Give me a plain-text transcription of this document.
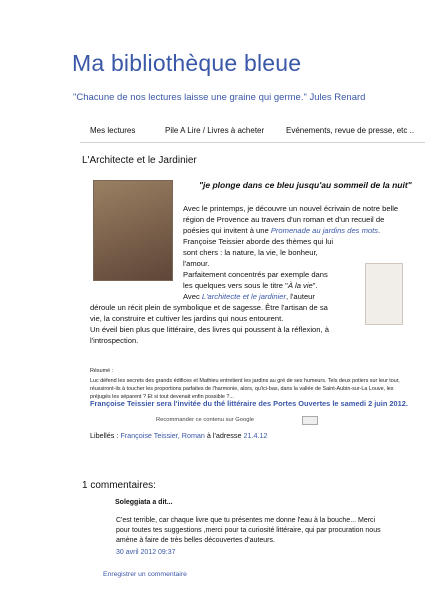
Ma bibliothèque bleue
"Chacune de nos lectures laisse une graine qui germe." Jules Renard
Mes lectures	Pile A Lire / Livres à acheter	Evénements, revue de presse, etc ..
L'Architecte et le Jardinier
"je plonge dans ce bleu jusqu'au sommeil de la nuit"
Avec le printemps, je découvre un nouvel écrivain de notre belle
région de Provence au travers d'un roman et d'un recueil de
poésies qui invitent à une Promenade au jardins des mots.
Françoise Teissier aborde des thèmes qui lui
sont chers : la nature, la vie, le bonheur,
l'amour.
Parfaitement concentrés par exemple dans
les quelques vers sous le titre "À la vie".
Avec L'architecte et le jardinier, l'auteur
déroule un récit plein de symbolique et de sagesse. Être l'artisan de sa
vie, la construire et cultiver les jardins qui nous entourent.
Un éveil bien plus que littéraire, des livres qui poussent à la réflexion, à
l'introspection.
Résumé :
Luc défend les secrets des grands édifices et Mathieu entretient les jardins au gré de ses humeurs. Tels deux potiers sur leur tour,
réussiront-ils à toucher les proportions parfaites de l'harmonie, alors, qu'ici-bas, dans la vallée de Saint-Aubin-sur-La Louve, les
préjugés les séparent ? Et si tout devenait enfin possible ?...
Françoise Teissier sera l'invitée du thé littéraire des Portes Ouvertes le samedi 2 juin 2012.
Recommander ce contenu sur Google
Libellés : Françoise Teissier, Roman à l'adresse 21.4.12
1 commentaires:
Soleggiata a dit...
C'est terrible, car chaque livre que tu présentes me donne l'eau à la bouche... Merci
pour toutes tes suggestions ,merci pour ta curiosité littéraire, qui par procuration nous
amène à faire de très belles découvertes d'auteurs.
30 avril 2012 09:37
Enregistrer un commentaire
